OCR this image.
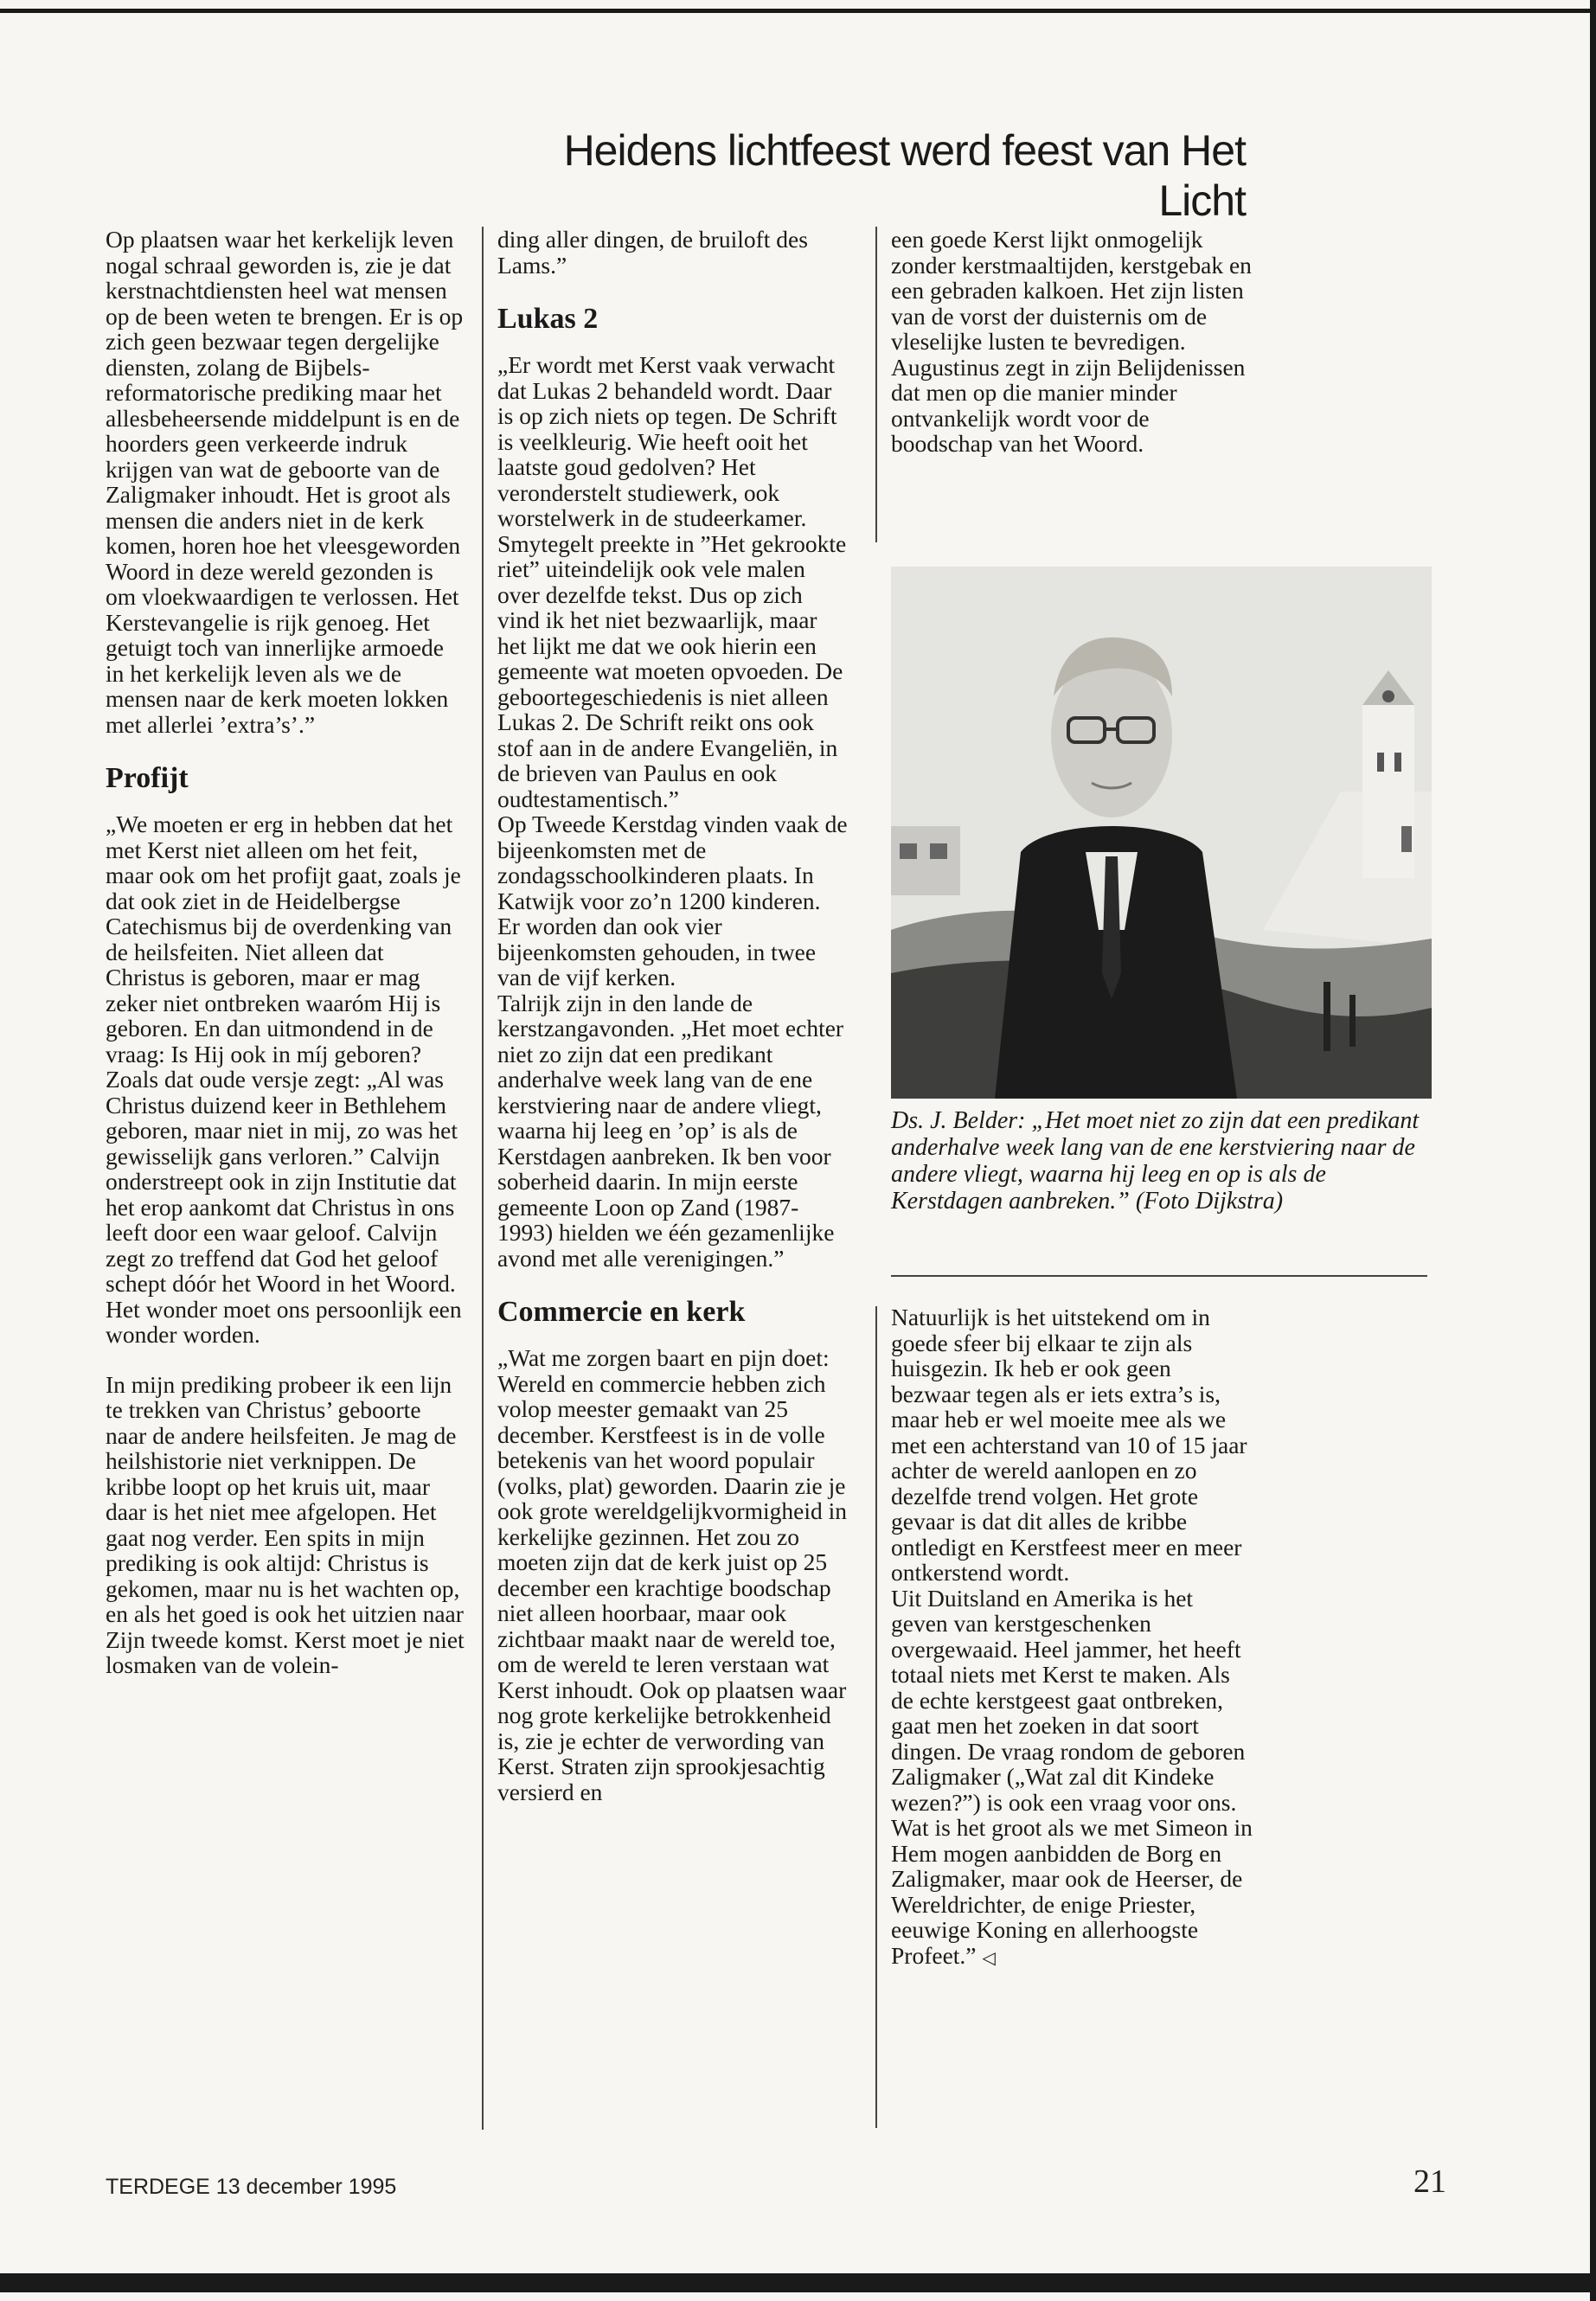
Heidens lichtfeest werd feest van Het Licht

Op plaatsen waar het kerkelijk leven nogal schraal geworden is, zie je dat kerstnachtdiensten heel wat mensen op de been weten te brengen. Er is op zich geen bezwaar tegen dergelijke diensten, zolang de Bijbels-reformatorische prediking maar het allesbeheersende middelpunt is en de hoorders geen verkeerde indruk krijgen van wat de geboorte van de Zaligmaker inhoudt. Het is groot als mensen die anders niet in de kerk komen, horen hoe het vleesgeworden Woord in deze wereld gezonden is om vloekwaardigen te verlossen. Het Kerstevangelie is rijk genoeg. Het getuigt toch van innerlijke armoede in het kerkelijk leven als we de mensen naar de kerk moeten lokken met allerlei ’extra’s’.”

Profijt

„We moeten er erg in hebben dat het met Kerst niet alleen om het feit, maar ook om het profijt gaat, zoals je dat ook ziet in de Heidelbergse Catechismus bij de overdenking van de heilsfeiten. Niet alleen dat Christus is geboren, maar er mag zeker niet ontbreken waaróm Hij is geboren. En dan uitmondend in de vraag: Is Hij ook in míj geboren? Zoals dat oude versje zegt: „Al was Christus duizend keer in Bethlehem geboren, maar niet in mij, zo was het gewisselijk gans verloren.” Calvijn onderstreept ook in zijn Institutie dat het erop aankomt dat Christus ìn ons leeft door een waar geloof. Calvijn zegt zo treffend dat God het geloof schept dóór het Woord in het Woord. Het wonder moet ons persoonlijk een wonder worden.

In mijn prediking probeer ik een lijn te trekken van Christus’ geboorte naar de andere heilsfeiten. Je mag de heilshistorie niet verknippen. De kribbe loopt op het kruis uit, maar daar is het niet mee afgelopen. Het gaat nog verder. Een spits in mijn prediking is ook altijd: Christus is gekomen, maar nu is het wachten op, en als het goed is ook het uitzien naar Zijn tweede komst. Kerst moet je niet losmaken van de volein-

ding aller dingen, de bruiloft des Lams.”

Lukas 2

„Er wordt met Kerst vaak verwacht dat Lukas 2 behandeld wordt. Daar is op zich niets op tegen. De Schrift is veelkleurig. Wie heeft ooit het laatste goud gedolven? Het veronderstelt studiewerk, ook worstelwerk in de studeerkamer. Smytegelt preekte in ”Het gekrookte riet” uiteindelijk ook vele malen over dezelfde tekst. Dus op zich vind ik het niet bezwaarlijk, maar het lijkt me dat we ook hierin een gemeente wat moeten opvoeden. De geboortegeschiedenis is niet alleen Lukas 2. De Schrift reikt ons ook stof aan in de andere Evangeliën, in de brieven van Paulus en ook oudtestamentisch.”

Op Tweede Kerstdag vinden vaak de bijeenkomsten met de zondagsschoolkinderen plaats. In Katwijk voor zo’n 1200 kinderen. Er worden dan ook vier bijeenkomsten gehouden, in twee van de vijf kerken.

Talrijk zijn in den lande de kerstzangavonden. „Het moet echter niet zo zijn dat een predikant anderhalve week lang van de ene kerstviering naar de andere vliegt, waarna hij leeg en ’op’ is als de Kerstdagen aanbreken. Ik ben voor soberheid daarin. In mijn eerste gemeente Loon op Zand (1987-1993) hielden we één gezamenlijke avond met alle verenigingen.”

Commercie en kerk

„Wat me zorgen baart en pijn doet: Wereld en commercie hebben zich volop meester gemaakt van 25 december. Kerstfeest is in de volle betekenis van het woord populair (volks, plat) geworden. Daarin zie je ook grote wereldgelijkvormigheid in kerkelijke gezinnen. Het zou zo moeten zijn dat de kerk juist op 25 december een krachtige boodschap niet alleen hoorbaar, maar ook zichtbaar maakt naar de wereld toe, om de wereld te leren verstaan wat Kerst inhoudt. Ook op plaatsen waar nog grote kerkelijke betrokkenheid is, zie je echter de verwording van Kerst. Straten zijn sprookjesachtig versierd en

een goede Kerst lijkt onmogelijk zonder kerstmaaltijden, kerstgebak en een gebraden kalkoen. Het zijn listen van de vorst der duisternis om de vleselijke lusten te bevredigen. Augustinus zegt in zijn Belijdenissen dat men op die manier minder ontvankelijk wordt voor de boodschap van het Woord.

Ds. J. Belder: „Het moet niet zo zijn dat een predikant anderhalve week lang van de ene kerstviering naar de andere vliegt, waarna hij leeg en op is als de Kerstdagen aanbreken.” (Foto Dijkstra)

Natuurlijk is het uitstekend om in goede sfeer bij elkaar te zijn als huisgezin. Ik heb er ook geen bezwaar tegen als er iets extra’s is, maar heb er wel moeite mee als we met een achterstand van 10 of 15 jaar achter de wereld aanlopen en zo dezelfde trend volgen. Het grote gevaar is dat dit alles de kribbe ontledigt en Kerstfeest meer en meer ontkerstend wordt.

Uit Duitsland en Amerika is het geven van kerstgeschenken overgewaaid. Heel jammer, het heeft totaal niets met Kerst te maken. Als de echte kerstgeest gaat ontbreken, gaat men het zoeken in dat soort dingen. De vraag rondom de geboren Zaligmaker („Wat zal dit Kindeke wezen?”) is ook een vraag voor ons. Wat is het groot als we met Simeon in Hem mogen aanbidden de Borg en Zaligmaker, maar ook de Heerser, de Wereldrichter, de enige Priester, eeuwige Koning en allerhoogste Profeet.” ◁

TERDEGE 13 december 1995	21
